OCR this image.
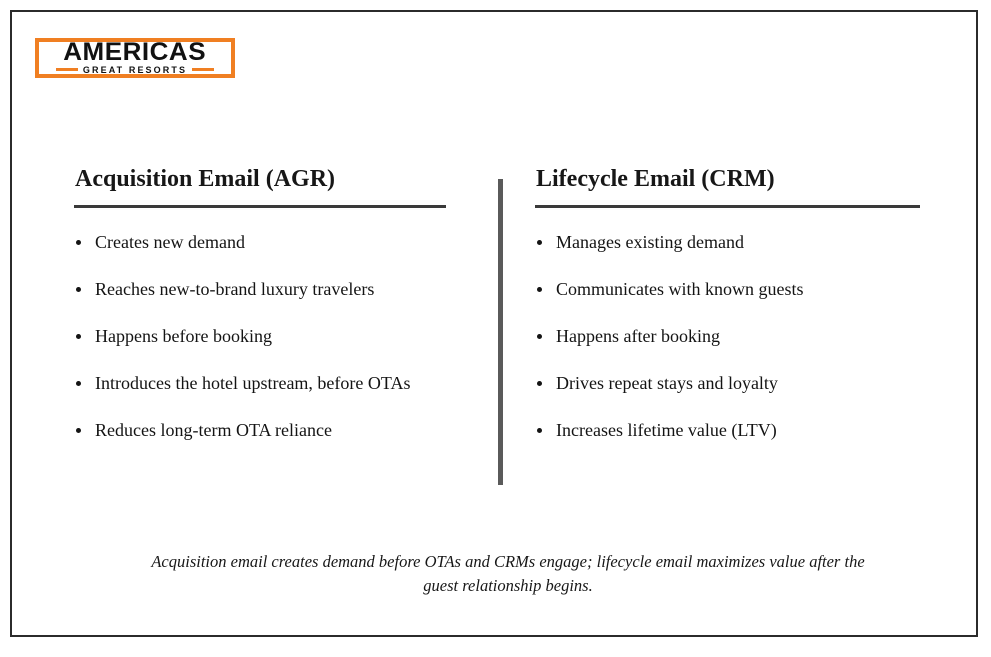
AMERICAS
GREAT RESORTS
Acquisition Email (AGR)
Creates new demand
Reaches new-to-brand luxury travelers
Happens before booking
Introduces the hotel upstream, before OTAs
Reduces long-term OTA reliance
Lifecycle Email (CRM)
Manages existing demand
Communicates with known guests
Happens after booking
Drives repeat stays and loyalty
Increases lifetime value (LTV)
Acquisition email creates demand before OTAs and CRMs engage; lifecycle email maximizes value after the guest relationship begins.
